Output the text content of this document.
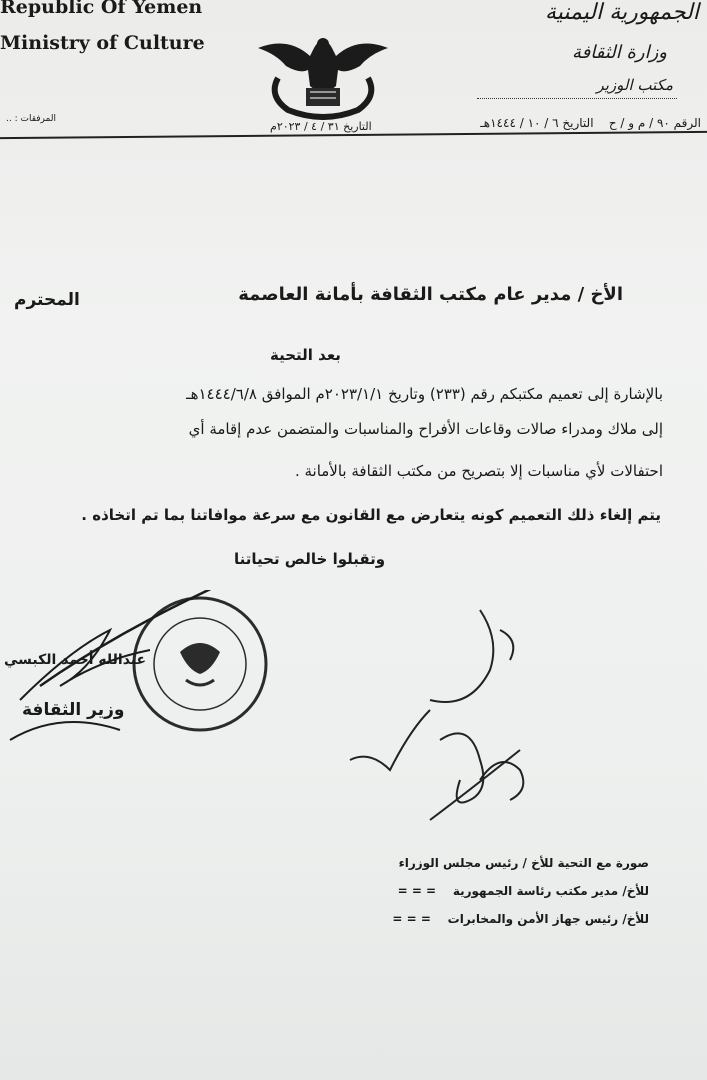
Republic Of Yemen
Ministry of Culture
المرفقات : ..
الجمهورية اليمنية
وزارة الثقافة
مكتب الوزير
الرقم ٩٠ / م و / ح    التاريخ ٦ / ١٠ / ١٤٤٤هـ
التاريخ ٣١ / ٤ / ٢٠٢٣م
الأخ / مدير عام مكتب الثقافة بأمانة العاصمة
المحترم
بعد التحية
بالإشارة إلى تعميم مكتبكم رقم (٢٣٣) وتاريخ ٢٠٢٣/١/١م الموافق ١٤٤٤/٦/٨هـ
إلى ملاك ومدراء صالات وقاعات الأفراح والمناسبات والمتضمن عدم إقامة أي
احتفالات لأي مناسبات إلا بتصريح من مكتب الثقافة بالأمانة .
يتم إلغاء ذلك التعميم كونه يتعارض مع القانون مع سرعة موافاتنا بما تم اتخاذه .
وتقبلوا خالص تحياتنا
عبدالله أحمد الكبسي
وزير الثقافة
صورة مع التحية للأخ / رئيس مجلس الوزراء
للأخ/ مدير مكتب رئاسة الجمهورية    = = =
للأخ/ رئيس جهاز الأمن والمخابرات    = = =
